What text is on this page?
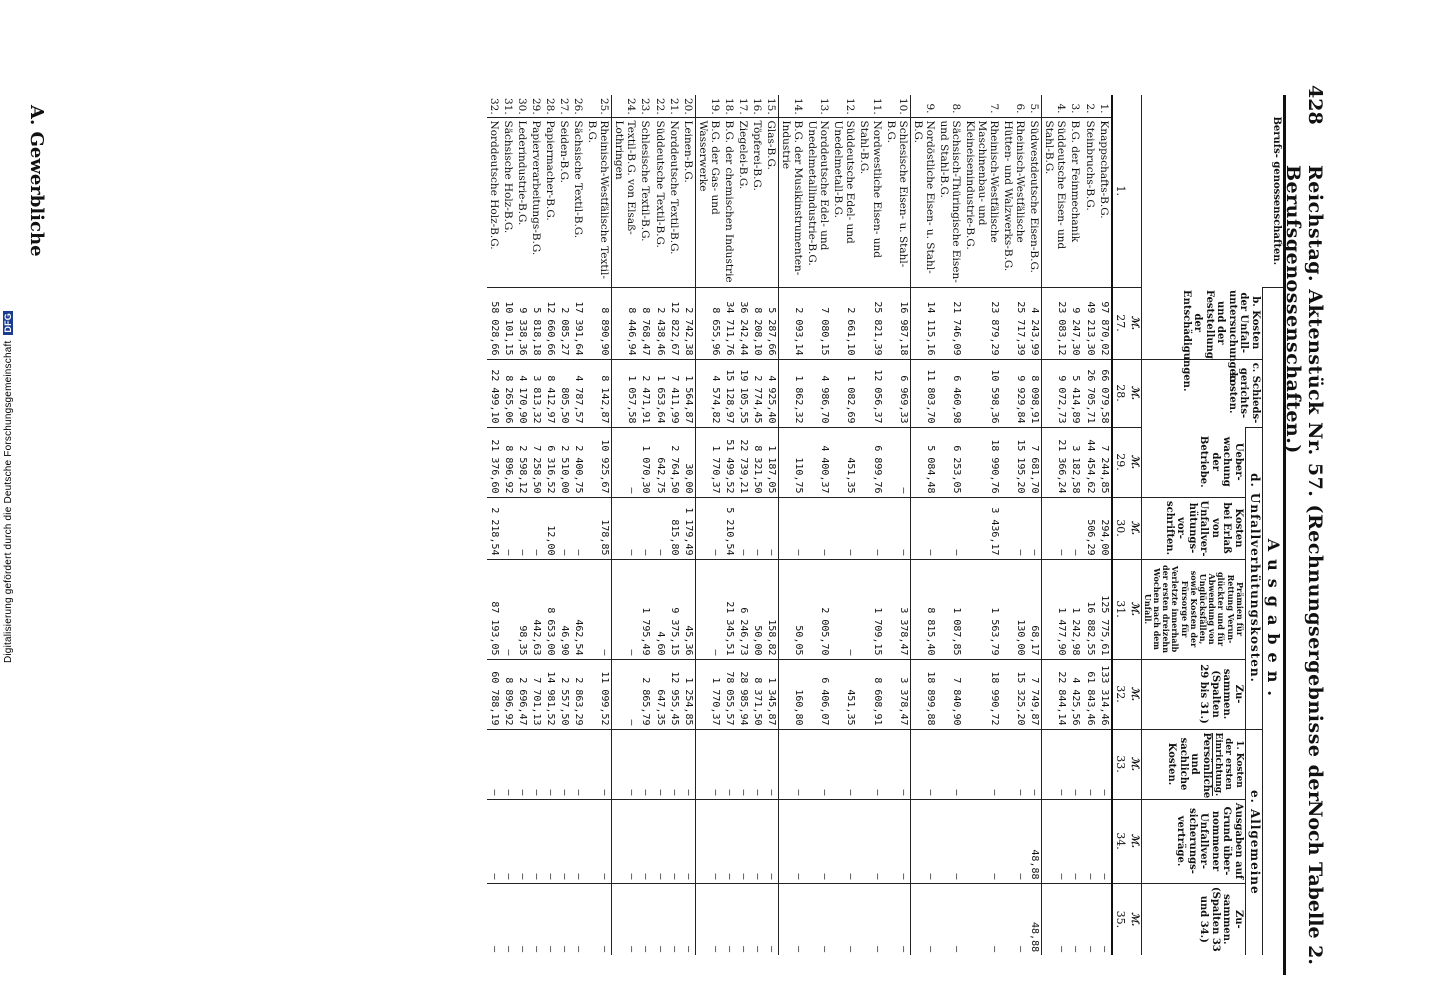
Digitalisierung gefördert durch die Deutsche Forschungsgemeinschaft DFG
428
Reichstag. Aktenstück Nr. 57. (Rechnungsergebnisse der Berufsgenossenschaften.)
Noch Tabelle 2.
Berufs- genossenschaften.		Ausgaben.								
		b. Kosten der Unfall-untersuchungen und der Feststellung der Entschädigungen.	c. Schieds-gerichts-kosten.	d. Unfallverhütungskosten.				e. Allgemeine		
				Ueber-wachung der Betriebe.	Kosten bei Erlaß von Unfallver-hütungs-vor-schriften.	Prämien für Rettung Verun-glückter und für Abwendung von Unglücksfällen, sowie Kosten der Fürsorge für Verletzte innerhalb der ersten dreizehn Wochen nach dem Unfall.	Zu-sammen. (Spalten 29 bis 31.)	1. Kosten der ersten Einrichtung.
Persönliche und sachliche Kosten.	Ausgaben auf Grund über-nommener Unfallver-sicherungs-verträge.	Zu-sammen. (Spalten 33 und 34.)
		ℳ.	ℳ.	ℳ.	ℳ.	ℳ.	ℳ.	ℳ.	ℳ.	ℳ.
1.		27.	28.	29.	30.	31.	32.	33.	34.	35.
1.	Knappschafts-B.G.	97 870,02	66 079,58	7 244,85	294,00	125 775,61	133 314,46	—	—	—
2.	Steinbruchs-B.G.	49 213,30	26 705,71	44 454,62	506,29	16 882,55	61 843,46	—	—	—
3.	B.G. der Feinmechanik	9 247,30	5 414,89	3 182,58	—	1 242,98	4 425,56	—	—	—
4.	Süddeutsche Eisen- und Stahl-B.G.	23 083,12	9 072,73	21 366,24	—	1 477,90	22 844,14	—	—	—
5.	Südwestdeutsche Eisen-B.G.	4 243,99	8 098,91	7 681,70	—	68,17	7 749,87	—	48,88	48,88
6.	Rheinisch-Westfälische Hütten- und Walzwerks-B.G.	25 717,39	9 929,84	15 195,20	—	130,00	15 325,20	—	—	—
7.	Rheinisch-Westfälische Maschinenbau- und Kleineisenindustrie-B.G.	23 879,29	10 598,36	18 990,76	3 436,17	1 563,79	18 990,72	—	—	—
8.	Sächsisch-Thüringische Eisen- und Stahl-B.G.	21 746,09	6 460,98	6 253,05	—	1 087,85	7 840,90	—	—	—
9.	Nordöstliche Eisen- u. Stahl-B.G.	14 115,16	11 803,70	5 084,48	—	8 815,40	18 899,88	—	—	—
10.	Schlesische Eisen- u. Stahl-B.G.	16 987,18	6 969,33	—	—	3 378,47	3 378,47	—	—	—
11.	Nordwestliche Eisen- und Stahl-B.G.	25 821,39	12 056,37	6 899,76	—	1 709,15	8 608,91	—	—	—
12.	Süddeutsche Edel- und Unedelmetall-B.G.	2 661,10	1 082,69	451,35	—	—	451,35	—	—	—
13.	Norddeutsche Edel- und Unedelmetallindustrie-B.G.	7 080,15	4 986,70	4 400,37	—	2 005,70	6 406,07	—	—	—
14.	B.G. der Musikinstrumenten-Industrie	2 093,14	1 862,32	110,75	—	50,05	160,80	—	—	—
15.	Glas-B.G.	5 287,66	4 925,40	1 187,05	—	158,82	1 345,87	—	—	—
16.	Töpferei-B.G.	8 208,10	2 774,45	8 321,50	—	50,00	8 371,50	—	—	—
17.	Ziegelei-B.G.	36 242,44	19 105,55	22 739,21	—	6 246,73	28 985,94	—	—	—
18.	B.G. der chemischen Industrie	34 711,76	15 128,97	51 499,52	5 210,54	21 345,51	78 055,57	—	—	—
19.	B.G. der Gas- und Wasserwerke	8 655,96	4 574,82	1 770,37	—	—	1 770,37	—	—	—
20.	Leinen-B.G.	2 742,38	1 564,87	30,00	1 179,49	45,36	1 254,85	—	—	—
21.	Norddeutsche Textil-B.G.	12 822,67	7 411,99	2 764,50	815,80	9 375,15	12 955,45	—	—	—
22.	Süddeutsche Textil-B.G.	2 438,46	1 653,64	642,75	—	4,60	647,35	—	—	—
23.	Schlesische Textil-B.G.	8 768,47	2 471,91	1 070,30	—	1 795,49	2 865,79	—	—	—
24.	Textil-B.G. von Elsaß-Lothringen	8 446,94	1 057,58	—	—	—	—	—	—	—
25.	Rheinisch-Westfälische Textil-B.G.	8 890,90	8 142,87	10 925,67	178,85	—	11 099,52	—	—	—
26.	Sächsische Textil-B.G.	17 391,64	4 787,57	2 400,75	—	462,54	2 863,29	—	—	—
27.	Seiden-B.G.	2 085,27	805,50	2 510,00	—	46,90	2 557,50	—	—	—
28.	Papiermacher-B.G.	12 660,66	8 412,97	6 316,52	12,00	8 653,00	14 981,52	—	—	—
29.	Papierverarbeitungs-B.G.	5 818,18	3 813,32	7 258,50	—	442,63	7 701,13	—	—	—
30.	Lederindustrie-B.G.	9 338,36	4 170,90	2 598,12	—	98,35	2 696,47	—	—	—
31.	Sächsische Holz-B.G.	10 101,15	8 265,06	8 896,92	—	—	8 896,92	—	—	—
32.	Norddeutsche Holz-B.G.	58 028,66	22 499,10	21 376,60	2 218,54	87 193,05	60 788,19	—	—	—
A. Gewerbliche
